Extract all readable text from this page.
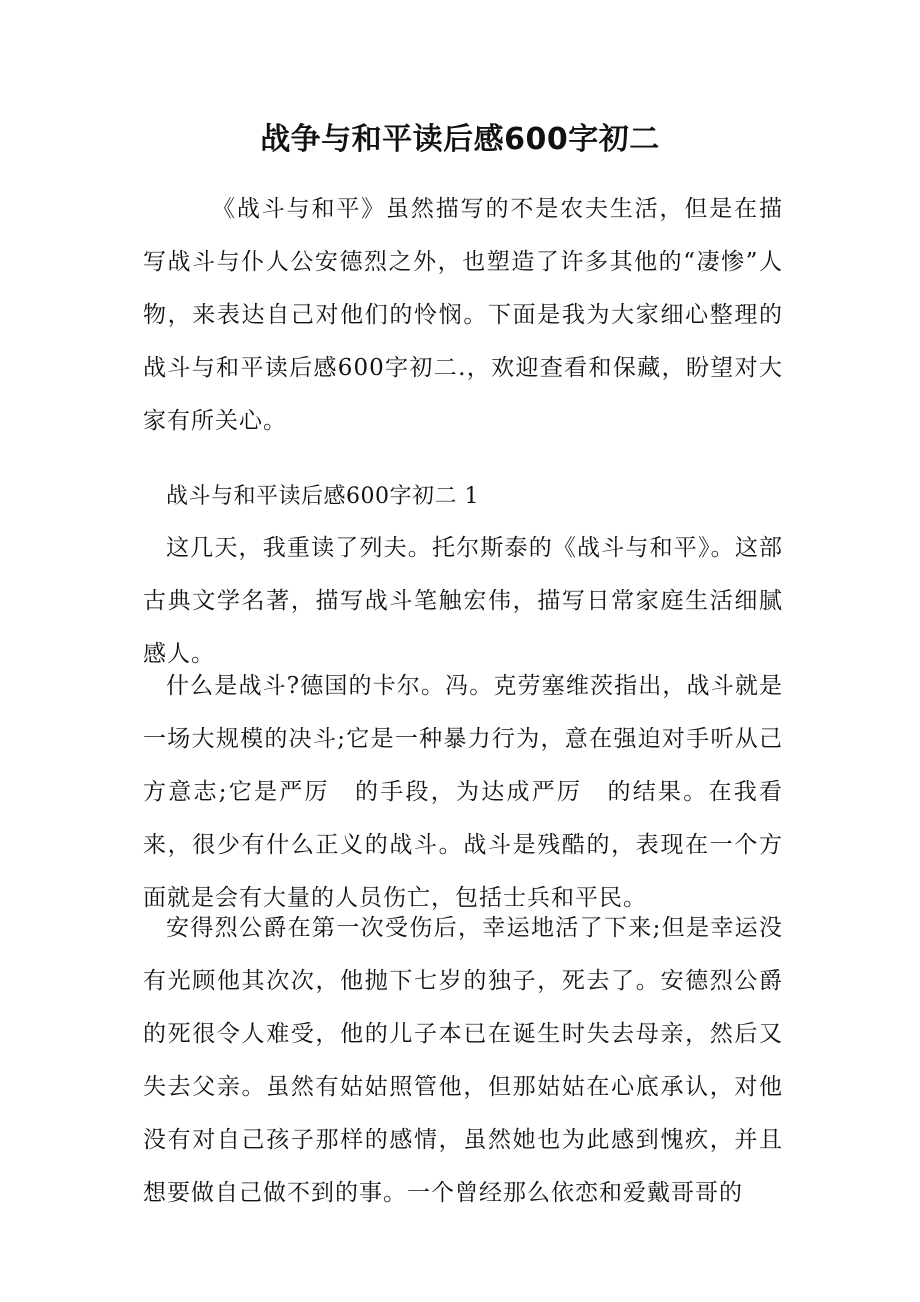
战争与和平读后感600字初二

《战斗与和平》虽然描写的不是农夫生活，但是在描写战斗与仆人公安德烈之外，也塑造了许多其他的“凄惨”人物，来表达自己对他们的怜悯。下面是我为大家细心整理的战斗与和平读后感600字初二.，欢迎查看和保藏，盼望对大家有所关心。

战斗与和平读后感600字初二 1

这几天，我重读了列夫。托尔斯泰的《战斗与和平》。这部古典文学名著，描写战斗笔触宏伟，描写日常家庭生活细腻感人。

什么是战斗?德国的卡尔。冯。克劳塞维茨指出，战斗就是一场大规模的决斗;它是一种暴力行为，意在强迫对手听从己方意志;它是严厉　的手段，为达成严厉　的结果。在我看来，很少有什么正义的战斗。战斗是残酷的，表现在一个方面就是会有大量的人员伤亡，包括士兵和平民。

安得烈公爵在第一次受伤后，幸运地活了下来;但是幸运没有光顾他其次次，他抛下七岁的独子，死去了。安德烈公爵的死很令人难受，他的儿子本已在诞生时失去母亲，然后又失去父亲。虽然有姑姑照管他，但那姑姑在心底承认，对他没有对自己孩子那样的感情，虽然她也为此感到愧疚，并且想要做自己做不到的事。一个曾经那么依恋和爱戴哥哥的
